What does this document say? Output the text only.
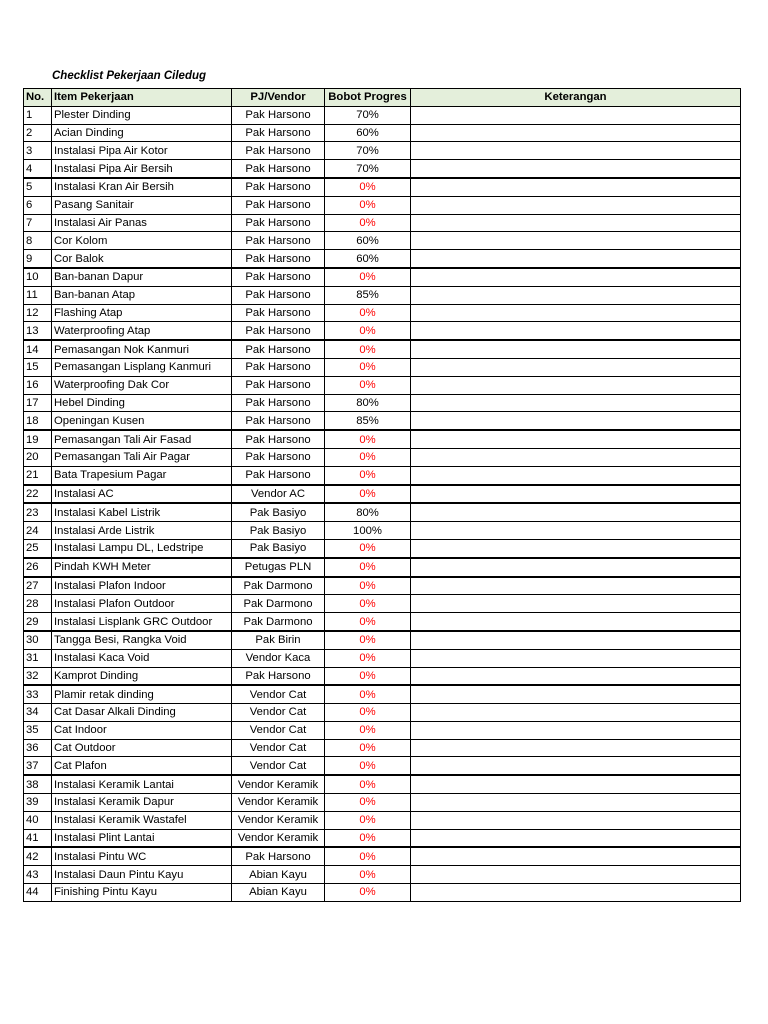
Checklist Pekerjaan Ciledug
No.	Item Pekerjaan	PJ/Vendor	Bobot Progres	Keterangan
1	Plester Dinding	Pak Harsono	70%	
2	Acian Dinding	Pak Harsono	60%	
3	Instalasi Pipa Air Kotor	Pak Harsono	70%	
4	Instalasi Pipa Air Bersih	Pak Harsono	70%	
5	Instalasi Kran Air Bersih	Pak Harsono	0%	
6	Pasang Sanitair	Pak Harsono	0%	
7	Instalasi Air Panas	Pak Harsono	0%	
8	Cor Kolom	Pak Harsono	60%	
9	Cor Balok	Pak Harsono	60%	
10	Ban-banan Dapur	Pak Harsono	0%	
11	Ban-banan Atap	Pak Harsono	85%	
12	Flashing Atap	Pak Harsono	0%	
13	Waterproofing Atap	Pak Harsono	0%	
14	Pemasangan Nok Kanmuri	Pak Harsono	0%	
15	Pemasangan Lisplang Kanmuri	Pak Harsono	0%	
16	Waterproofing Dak Cor	Pak Harsono	0%	
17	Hebel Dinding	Pak Harsono	80%	
18	Openingan Kusen	Pak Harsono	85%	
19	Pemasangan Tali Air Fasad	Pak Harsono	0%	
20	Pemasangan Tali Air Pagar	Pak Harsono	0%	
21	Bata Trapesium Pagar	Pak Harsono	0%	
22	Instalasi AC	Vendor AC	0%	
23	Instalasi Kabel Listrik	Pak Basiyo	80%	
24	Instalasi Arde Listrik	Pak Basiyo	100%	
25	Instalasi Lampu DL, Ledstripe	Pak Basiyo	0%	
26	Pindah KWH Meter	Petugas PLN	0%	
27	Instalasi Plafon Indoor	Pak Darmono	0%	
28	Instalasi Plafon Outdoor	Pak Darmono	0%	
29	Instalasi Lisplank GRC Outdoor	Pak Darmono	0%	
30	Tangga Besi, Rangka Void	Pak Birin	0%	
31	Instalasi Kaca Void	Vendor Kaca	0%	
32	Kamprot Dinding	Pak Harsono	0%	
33	Plamir retak dinding	Vendor Cat	0%	
34	Cat Dasar Alkali Dinding	Vendor Cat	0%	
35	Cat Indoor	Vendor Cat	0%	
36	Cat Outdoor	Vendor Cat	0%	
37	Cat Plafon	Vendor Cat	0%	
38	Instalasi Keramik Lantai	Vendor Keramik	0%	
39	Instalasi Keramik Dapur	Vendor Keramik	0%	
40	Instalasi Keramik Wastafel	Vendor Keramik	0%	
41	Instalasi Plint Lantai	Vendor Keramik	0%	
42	Instalasi Pintu WC	Pak Harsono	0%	
43	Instalasi Daun Pintu Kayu	Abian Kayu	0%	
44	Finishing Pintu Kayu	Abian Kayu	0%	
